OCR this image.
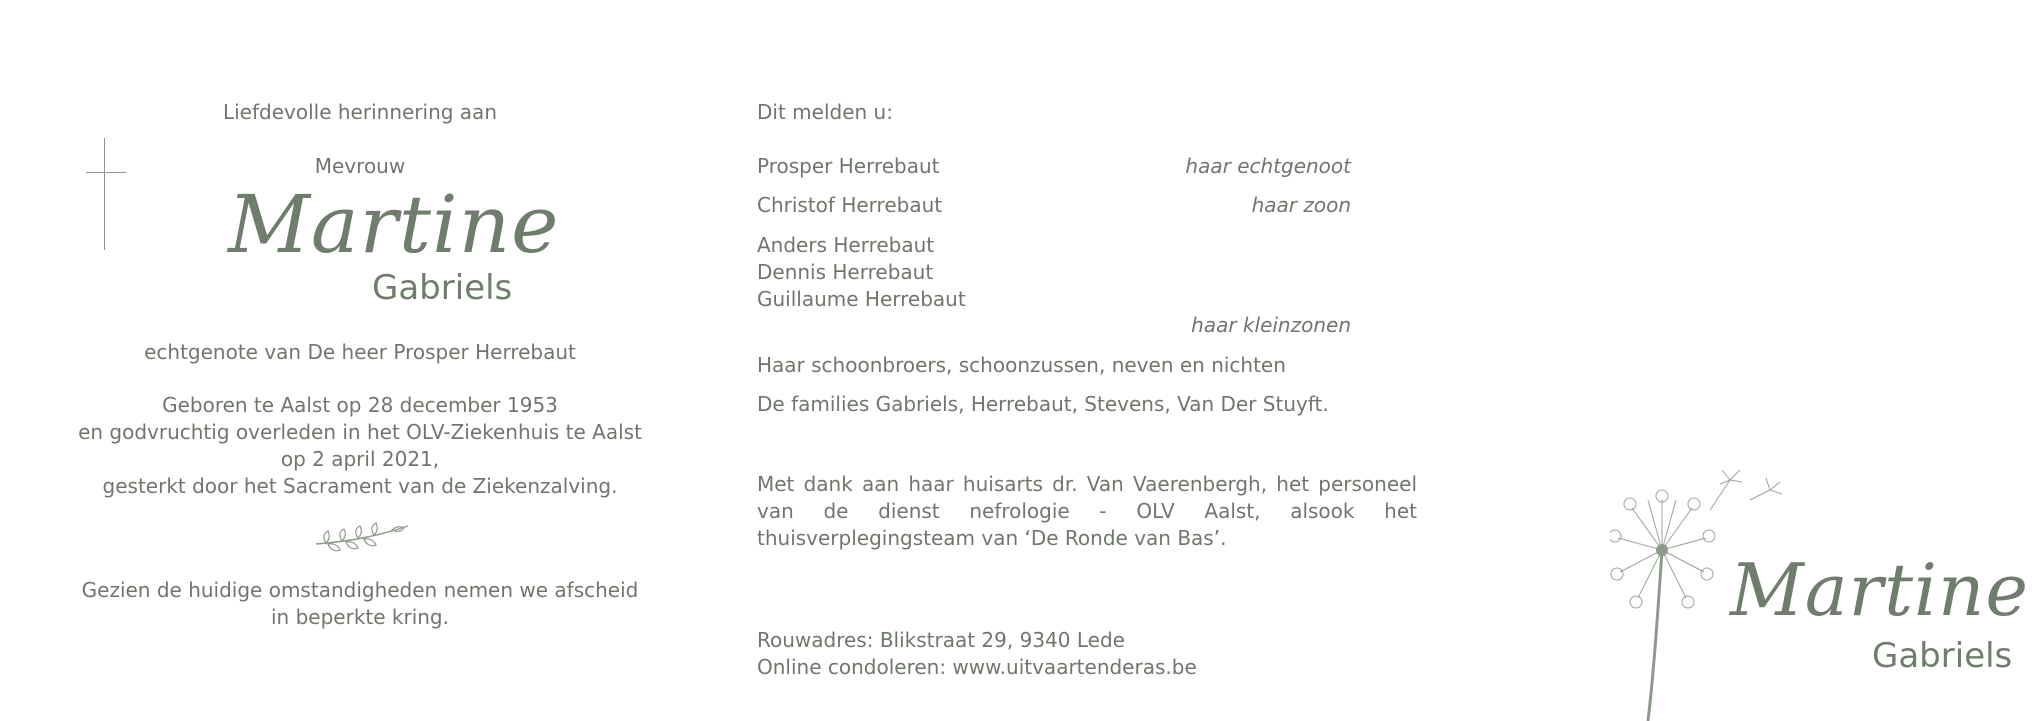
Liefdevolle herinnering aan
Mevrouw
Martine
Gabriels
echtgenote van De heer Prosper Herrebaut
Geboren te Aalst op 28 december 1953
en godvruchtig overleden in het OLV-Ziekenhuis te Aalst
op 2 april 2021,
gesterkt door het Sacrament van de Ziekenzalving.
Gezien de huidige omstandigheden nemen we afscheid
in beperkte kring.
Dit melden u:
Prosper Herrebaut	haar echtgenoot
Christof Herrebaut	haar zoon
Anders Herrebaut
Dennis Herrebaut
Guillaume Herrebaut
haar kleinzonen
Haar schoonbroers, schoonzussen, neven en nichten
De families Gabriels, Herrebaut, Stevens, Van Der Stuyft.
Met dank aan haar huisarts dr. Van Vaerenbergh, het personeel van de dienst nefrologie - OLV Aalst, alsook het thuisverplegingsteam van ‘De Ronde van Bas’.
Rouwadres: Blikstraat 29, 9340 Lede
Online condoleren: www.uitvaartenderas.be
Martine
Gabriels
